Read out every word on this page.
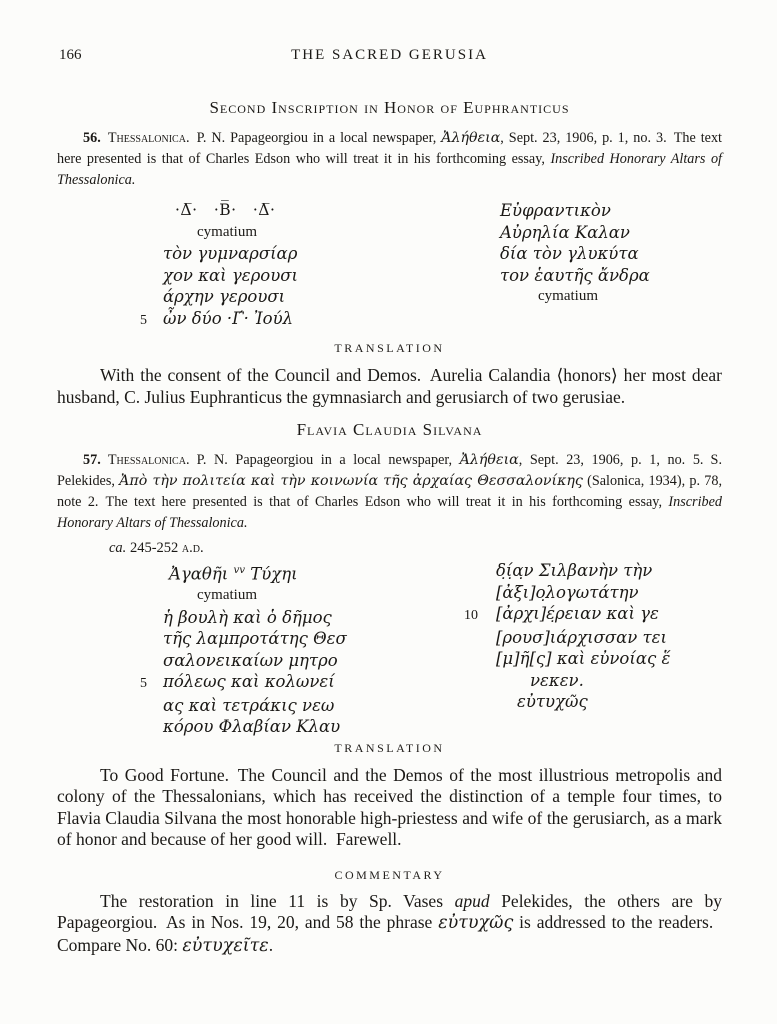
166	THE SACRED GERUSIA
Second Inscription in Honor of Euphranticus

56.  Thessalonica. P. N. Papageorgiou in a local newspaper, Ἀλήθεια, Sept. 23, 1906, p. 1, no. 3. The text here presented is that of Charles Edson who will treat it in his forthcoming essay, Inscribed Honorary Altars of Thessalonica.

·Δ̅·   ·B̅·   ·Δ̅·
cymatium
τὸν γυμναρσίαρ
χον καὶ γερουσι
άρχην γερουσι
5 ὦν δύο ·Γ́· Ἰούλ
Εὐφραντικὸν
Αὐρηλία Καλαν
δία τὸν γλυκύτα
τον ἑαυτῆς ἄνδρα
cymatium
TRANSLATION

With the consent of the Council and Demos. Aurelia Calandia ⟨honors⟩ her most dear husband, C. Julius Euphranticus the gymnasiarch and gerusiarch of two gerusiae.

Flavia Claudia Silvana

57.  Thessalonica. P. N. Papageorgiou in a local newspaper, Ἀλήθεια, Sept. 23, 1906, p. 1, no. 5. S. Pelekides, Ἀπὸ τὴν πολιτεία καὶ τὴν κοινωνία τῆς ἀρχαίας Θεσσαλονίκης (Salonica, 1934), p. 78, note 2. The text here presented is that of Charles Edson who will treat it in his forthcoming essay, Inscribed Honorary Altars of Thessalonica.

ca. 245-252 a.d.

Ἀγαθῆι $^{vv}$ Τύχηι
cymatium
ἡ βουλὴ καὶ ὁ δῆμος
τῆς λαμπροτάτης Θεσ
σαλονεικαίων μητρο
5 πόλεως καὶ κολωνεί
ας καὶ τετράκις νεω
κόρου Φλαβίαν Κλαυ
δ̣ί̣α̣ν Σιλβανὴν τὴν
[ἀξι]ο̣λογωτάτην
10	[ἀρχι]έ̣ρειαν καὶ γε
[ρουσ]ιάρχισσαν τει
[μ]ῆ[ς] καὶ εὐνοίας ἕ
νεκεν.
εὐτυχῶς
TRANSLATION

To Good Fortune. The Council and the Demos of the most illustrious metropolis and colony of the Thessalonians, which has received the distinction of a temple four times, to Flavia Claudia Silvana the most honorable high-priestess and wife of the gerusiarch, as a mark of honor and because of her good will. Farewell.

COMMENTARY

The restoration in line 11 is by Sp. Vases apud Pelekides, the others are by Papageorgiou. As in Nos. 19, 20, and 58 the phrase εὐτυχῶς is addressed to the readers. Compare No. 60: εὐτυχεῖτε.
